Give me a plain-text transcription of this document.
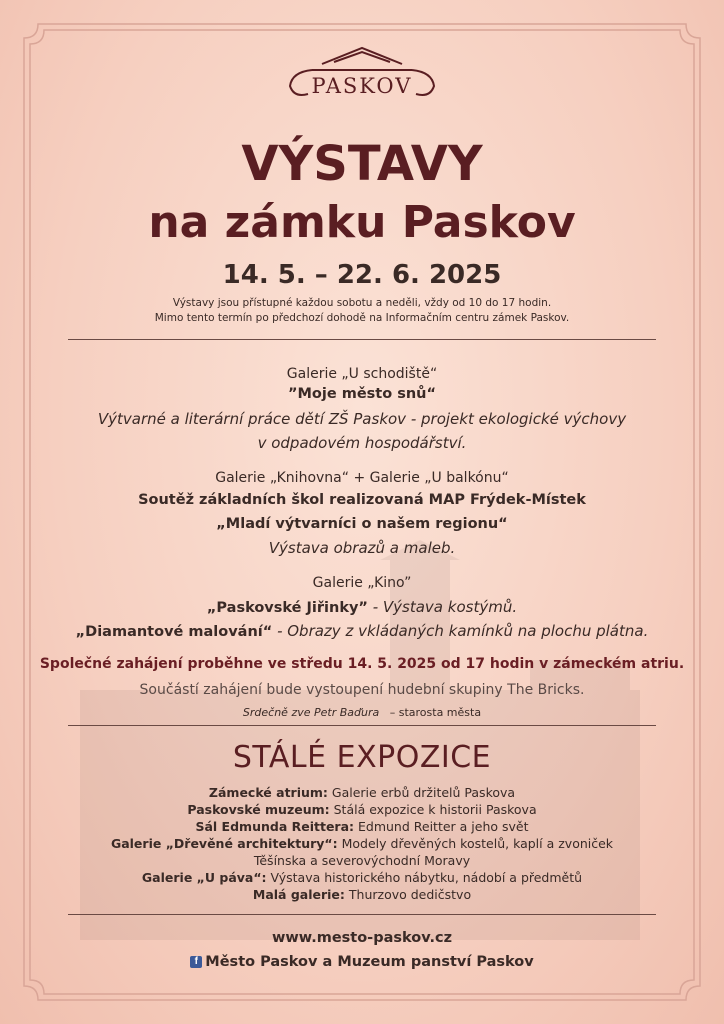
PASKOV
VÝSTAVY
na zámku Paskov
14. 5. – 22. 6. 2025
Výstavy jsou přístupné každou sobotu a neděli, vždy od 10 do 17 hodin.
Mimo tento termín po předchozí dohodě na Informačním centru zámek Paskov.
Galerie „U schodiště“
”Moje město snů“
Výtvarné a literární práce dětí ZŠ Paskov - projekt ekologické výchovy
v odpadovém hospodářství.
Galerie „Knihovna“ + Galerie „U balkónu“
Soutěž základních škol realizovaná MAP Frýdek-Místek
„Mladí výtvarníci o našem regionu“
Výstava obrazů a maleb.
Galerie „Kino”
„Paskovské Jiřinky” - Výstava kostýmů.
„Diamantové malování“ - Obrazy z vkládaných kamínků na plochu plátna.
Společné zahájení proběhne ve středu 14. 5. 2025 od 17 hodin v zámeckém atriu.
Součástí zahájení bude vystoupení hudební skupiny The Bricks.
Srdečně zve Petr Baďura – starosta města
STÁLÉ EXPOZICE
Zámecké atrium: Galerie erbů držitelů Paskova
Paskovské muzeum: Stálá expozice k historii Paskova
Sál Edmunda Reittera: Edmund Reitter a jeho svět
Galerie „Dřevěné architektury“: Modely dřevěných kostelů, kaplí a zvoniček
Těšínska a severovýchodní Moravy
Galerie „U páva“: Výstava historického nábytku, nádobí a předmětů
Malá galerie: Thurzovo dedičstvo
www.mesto-paskov.cz
f Město Paskov a Muzeum panství Paskov
